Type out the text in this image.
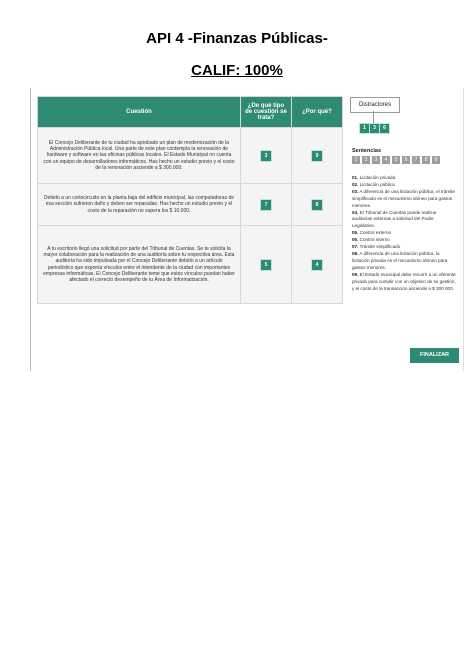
API 4 -Finanzas Públicas-
CALIF: 100%
Cuestión	¿De qué tipo de cuestión se trata?	¿Por qué?
El Concejo Deliberante de tu ciudad ha aprobado un plan de modernización de la Administración Pública local. Una parte de este plan contempla la renovación de hardware y software en las oficinas públicas locales. El Estado Municipal no cuenta con un equipo de desarrolladores informáticos. Has hecho un estudio previo y el costo de la renovación asciende a $ 300.000.	3	9
Debido a un cortocircuito en la planta baja del edificio municipal, las computadoras de esa sección sufrieron daño y deben ser reparadas. Has hecho un estudio previo y el costo de la reparación no supera los $ 10.000.	7	8
A tu escritorio llegó una solicitud por parte del Tribunal de Cuentas. Se te solicita la mayor colaboración para la realización de una auditoría sobre tu respectiva área. Esta auditoría ha sido impulsada por el Concejo Deliberante debido a un artículo periodístico que exponía vínculos entre el intendente de la ciudad con importantes empresas informáticas. El Concejo Deliberante teme que estos vínculos puedan haber afectado el correcto desempeño de tu Área de Informatización.	5	4
Distractores
1	3	6
Sentencias
1	2	3	4	5	6	7	8	9
01. Licitación privada
02. Licitación pública
03. A diferencia de una licitación pública, el trámite simplificado es el mecanismo idóneo para gastos menores.
04. El Tribunal de Cuentas puede realizar auditorías externas a solicitud del Poder Legislativo.
05. Control externo
06. Control interno
07. Trámite simplificado
08. A diferencia de una licitación pública, la licitación privada es el mecanismo idóneo para gastos menores.
09. El Estado municipal debe recurrir a un oferente privado para cumplir con un objetivo de su gestión, y el costo de la transacción asciende a $ 300.000.
FINALIZAR
